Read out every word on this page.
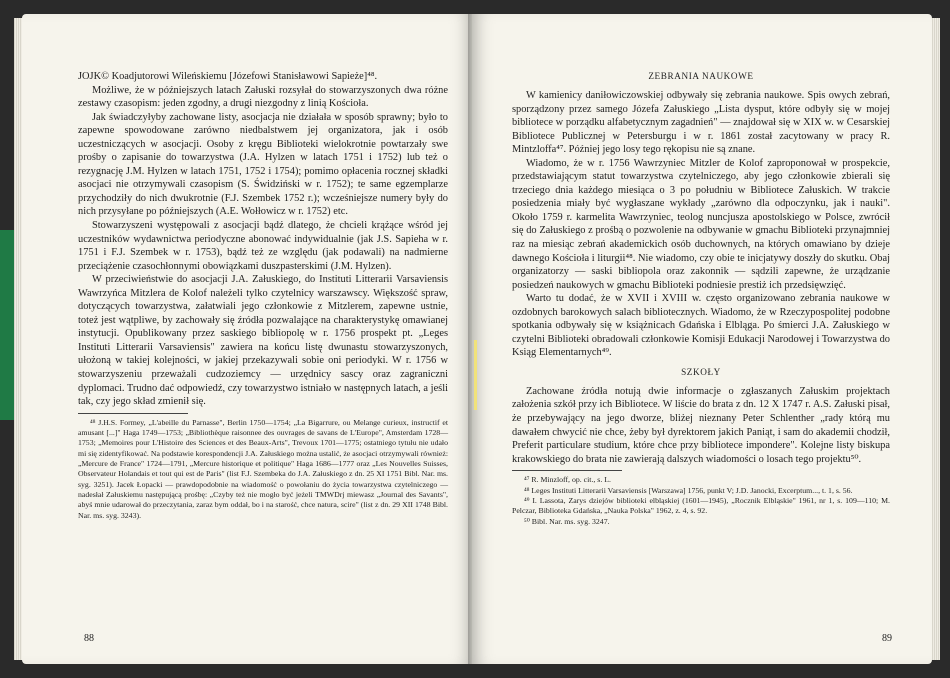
JOJK© Koadjutorowi Wileńskiemu [Józefowi Stanisławowi Sapieże]⁴⁸.

Możliwe, że w późniejszych latach Załuski rozsyłał do stowarzyszonych dwa różne zestawy czasopism: jeden zgodny, a drugi niezgodny z linią Kościoła.

Jak świadczyłyby zachowane listy, asocjacja nie działała w sposób sprawny; było to zapewne spowodowane zarówno niedbalstwem jej organizatora, jak i osób uczestniczących w asocjacji. Osoby z kręgu Biblioteki wielokrotnie powtarzały swe prośby o zapisanie do towarzystwa (J.A. Hylzen w latach 1751 i 1752) lub też o rezygnację J.M. Hylzen w latach 1751, 1752 i 1754); pomimo opłacenia rocznej składki asocjaci nie otrzymywali czasopism (S. Świdziński w r. 1752); te same egzemplarze przychodziły do nich dwukrotnie (F.J. Szembek 1752 r.); wcześniejsze numery były do nich przysyłane po późniejszych (A.E. Wołłowicz w r. 1752) etc.

Stowarzyszeni występowali z asocjacji bądź dlatego, że chcieli krążące wśród jej uczestników wydawnictwa periodyczne abonować indywidualnie (jak J.S. Sapieha w r. 1751 i F.J. Szembek w r. 1753), bądź też ze względu (jak podawali) na nadmierne przeciążenie czasochłonnymi obowiązkami duszpasterskimi (J.M. Hylzen).

W przeciwieństwie do asocjacji J.A. Załuskiego, do Instituti Litterarii Varsaviensis Wawrzyńca Mitzlera de Kolof należeli tylko czytelnicy warszawscy. Większość spraw, dotyczących towarzystwa, załatwiali jego członkowie z Mitzlerem, zapewne ustnie, toteż jest wątpliwe, by zachowały się źródła pozwalające na charakterystykę omawianej instytucji. Opublikowany przez saskiego bibliopolę w r. 1756 prospekt pt. „Leges Instituti Litterarii Varsaviensis" zawiera na końcu listę dwunastu stowarzyszonych, ułożoną w takiej kolejności, w jakiej przekazywali sobie oni periodyki. W r. 1756 w stowarzyszeniu przeważali cudzoziemcy — urzędnicy sascy oraz zagraniczni dyplomaci. Trudno dać odpowiedź, czy towarzystwo istniało w następnych latach, a jeśli tak, czy jego skład zmienił się.

⁴⁸ J.H.S. Formey, „L'abeille du Parnasse", Berlin 1750—1754; „La Bigarrure, ou Melange curieux, instructif et amusant [...]" Haga 1749—1753; „Bibliothèque raisonnee des ouvrages de savans de L'Europe", Amsterdam 1728—1753; „Memoires pour L'Histoire des Sciences et des Beaux-Arts", Trevoux 1701—1775; ostatniego tytułu nie udało mi się zidentyfikować. Na podstawie korespondencji J.A. Załuskiego można ustalić, że asocjaci otrzymywali również: „Mercure de France" 1724—1791, „Mercure historique et politique" Haga 1686—1777 oraz „Les Nouvelles Suisses, Observateur Holandais et tout qui est de Paris" (list F.J. Szembeka do J.A. Załuskiego z dn. 25 XI 1751 Bibl. Nar. ms. syg. 3251). Jacek Łopacki — prawdopodobnie na wiadomość o powołaniu do życia towarzystwa czytelniczego — nadesłał Załuskiemu następującą prośbę: „Czyby też nie mogło być jeżeli TMWDrj miewasz „Journal des Savants", abyś mnie udarował do przeczytania, zaraz bym oddał, bo i na starość, chce natura, scire" (list z dn. 29 XII 1748 Bibl. Nar. ms. syg. 3243).

88
ZEBRANIA NAUKOWE

W kamienicy daniłowiczowskiej odbywały się zebrania naukowe. Spis owych zebrań, sporządzony przez samego Józefa Załuskiego „Lista dysput, które odbyły się w mojej bibliotece w porządku alfabetycznym zagadnień" — znajdował się w XIX w. w Cesarskiej Bibliotece Publicznej w Petersburgu i w r. 1861 został zacytowany w pracy R. Mintzloffa⁴⁷. Później jego losy tego rękopisu nie są znane.

Wiadomo, że w r. 1756 Wawrzyniec Mitzler de Kolof zaproponował w prospekcie, przedstawiającym statut towarzystwa czytelniczego, aby jego członkowie zbierali się trzeciego dnia każdego miesiąca o 3 po południu w Bibliotece Załuskich. W trakcie posiedzenia miały być wygłaszane wykłady „zarówno dla odpoczynku, jak i nauki". Około 1759 r. karmelita Wawrzyniec, teolog nuncjusza apostolskiego w Polsce, zwrócił się do Załuskiego z prośbą o pozwolenie na odbywanie w gmachu Biblioteki przynajmniej raz na miesiąc zebrań akademickich osób duchownych, na których omawiano by dzieje dawnego Kościoła i liturgii⁴⁸. Nie wiadomo, czy obie te inicjatywy doszły do skutku. Obaj organizatorzy — saski bibliopola oraz zakonnik — sądzili zapewne, że urządzanie posiedzeń naukowych w gmachu Biblioteki podniesie prestiż ich przedsięwzięć.

Warto tu dodać, że w XVII i XVIII w. często organizowano zebrania naukowe w ozdobnych barokowych salach bibliotecznych. Wiadomo, że w Rzeczypospolitej podobne spotkania odbywały się w książnicach Gdańska i Elbląga. Po śmierci J.A. Załuskiego w czytelni Biblioteki obradowali członkowie Komisji Edukacji Narodowej i Towarzystwa do Ksiąg Elementarnych⁴⁹.

SZKOŁY

Zachowane źródła notują dwie informacje o zgłaszanych Załuskim projektach założenia szkół przy ich Bibliotece. W liście do brata z dn. 12 X 1747 r. A.S. Załuski pisał, że przebywający na jego dworze, bliżej nieznany Peter Schlenther „rady którą mu dawałem chwycić nie chce, żeby był dyrektorem jakich Paniąt, i sam do akademii chodził, Preferit particulare studium, które chce przy bibliotece impondere". Kolejne listy biskupa krakowskiego do brata nie zawierają dalszych wiadomości o losach tego projektu⁵⁰.

⁴⁷ R. Minzloff, op. cit., s. L.

⁴⁸ Leges Instituti Litterarii Varsaviensis [Warszawa] 1756, punkt V; J.D. Janocki, Excerptum..., t. 1, s. 56.

⁴⁹ I. Lassota, Zarys dziejów biblioteki elbląskiej (1601—1945), „Rocznik Elbląskie" 1961, nr 1, s. 109—110; M. Pelczar, Biblioteka Gdańska, „Nauka Polska" 1962, z. 4, s. 92.

⁵⁰ Bibl. Nar. ms. syg. 3247.

89
